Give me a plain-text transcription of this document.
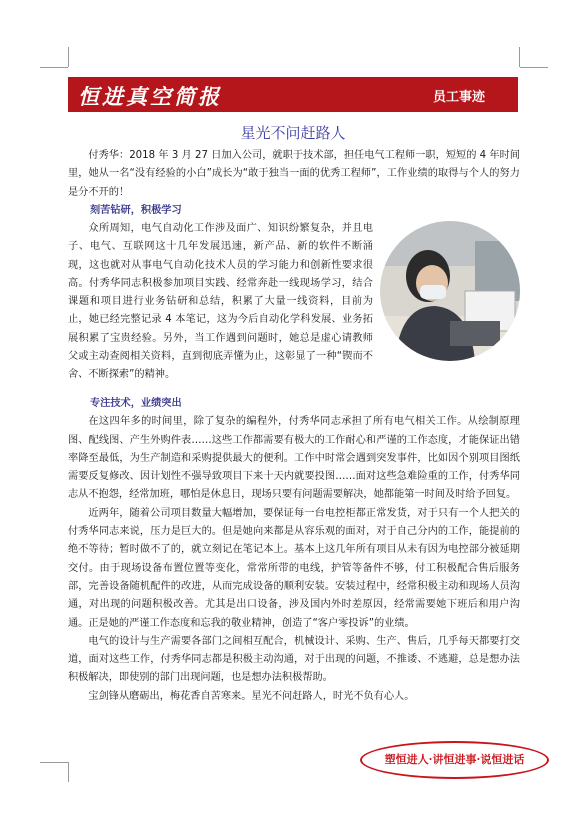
恒进真空简报	员工事迹	5
星光不问赶路人

付秀华：2018 年 3 月 27 日加入公司，就职于技术部，担任电气工程师一职，短短的 4 年时间里，她从一名“没有经验的小白”成长为“敢于独当一面的优秀工程师”，工作业绩的取得与个人的努力是分不开的！

刻苦钻研，积极学习

众所周知，电气自动化工作涉及面广、知识纷繁复杂，并且电子、电气、互联网这十几年发展迅速，新产品、新的软件不断涌现，这也就对从事电气自动化技术人员的学习能力和创新性要求很高。付秀华同志积极参加项目实践、经常奔赴一线现场学习，结合课题和项目进行业务钻研和总结，积累了大量一线资料，目前为止，她已经完整记录 4 本笔记，这为今后自动化学科发展、业务拓展积累了宝贵经验。另外，当工作遇到问题时，她总是虚心请教师父或主动查阅相关资料，直到彻底弄懂为止，这彰显了一种“锲而不舍、不断探索”的精神。

专注技术，业绩突出

在这四年多的时间里，除了复杂的编程外，付秀华同志承担了所有电气相关工作。从绘制原理图、配线图、产生外购件表……这些工作都需要有极大的工作耐心和严谨的工作态度，才能保证出错率降至最低，为生产制造和采购提供最大的便利。工作中时常会遇到突发事件，比如因个别项目图纸需要反复修改、因计划性不强导致项目下来十天内就要投图……面对这些急难险重的工作，付秀华同志从不抱怨，经常加班，哪怕是休息日，现场只要有问题需要解决，她都能第一时间及时给予回复。

近两年，随着公司项目数量大幅增加，要保证每一台电控柜都正常发货，对于只有一个人把关的付秀华同志来说，压力是巨大的。但是她向来都是从容乐观的面对，对于自己分内的工作，能提前的绝不等待；暂时做不了的，就立刻记在笔记本上。基本上这几年所有项目从未有因为电控部分被延期交付。由于现场设备布置位置等变化，常常所带的电线，护管等备件不够，付工积极配合售后服务部，完善设备随机配件的改进，从而完成设备的顺利安装。安装过程中，经常积极主动和现场人员沟通，对出现的问题积极改善。尤其是出口设备，涉及国内外时差原因，经常需要她下班后和用户沟通。正是她的严谨工作态度和忘我的敬业精神，创造了“客户零投诉”的业绩。

电气的设计与生产需要各部门之间相互配合，机械设计、采购、生产、售后，几乎每天都要打交道，面对这些工作，付秀华同志都是积极主动沟通，对于出现的问题，不推诿、不逃避，总是想办法积极解决，即使别的部门出现问题，也是想办法积极帮助。

宝剑锋从磨砺出，梅花香自苦寒来。星光不问赶路人，时光不负有心人。

塑恒进人·讲恒进事·说恒进话
